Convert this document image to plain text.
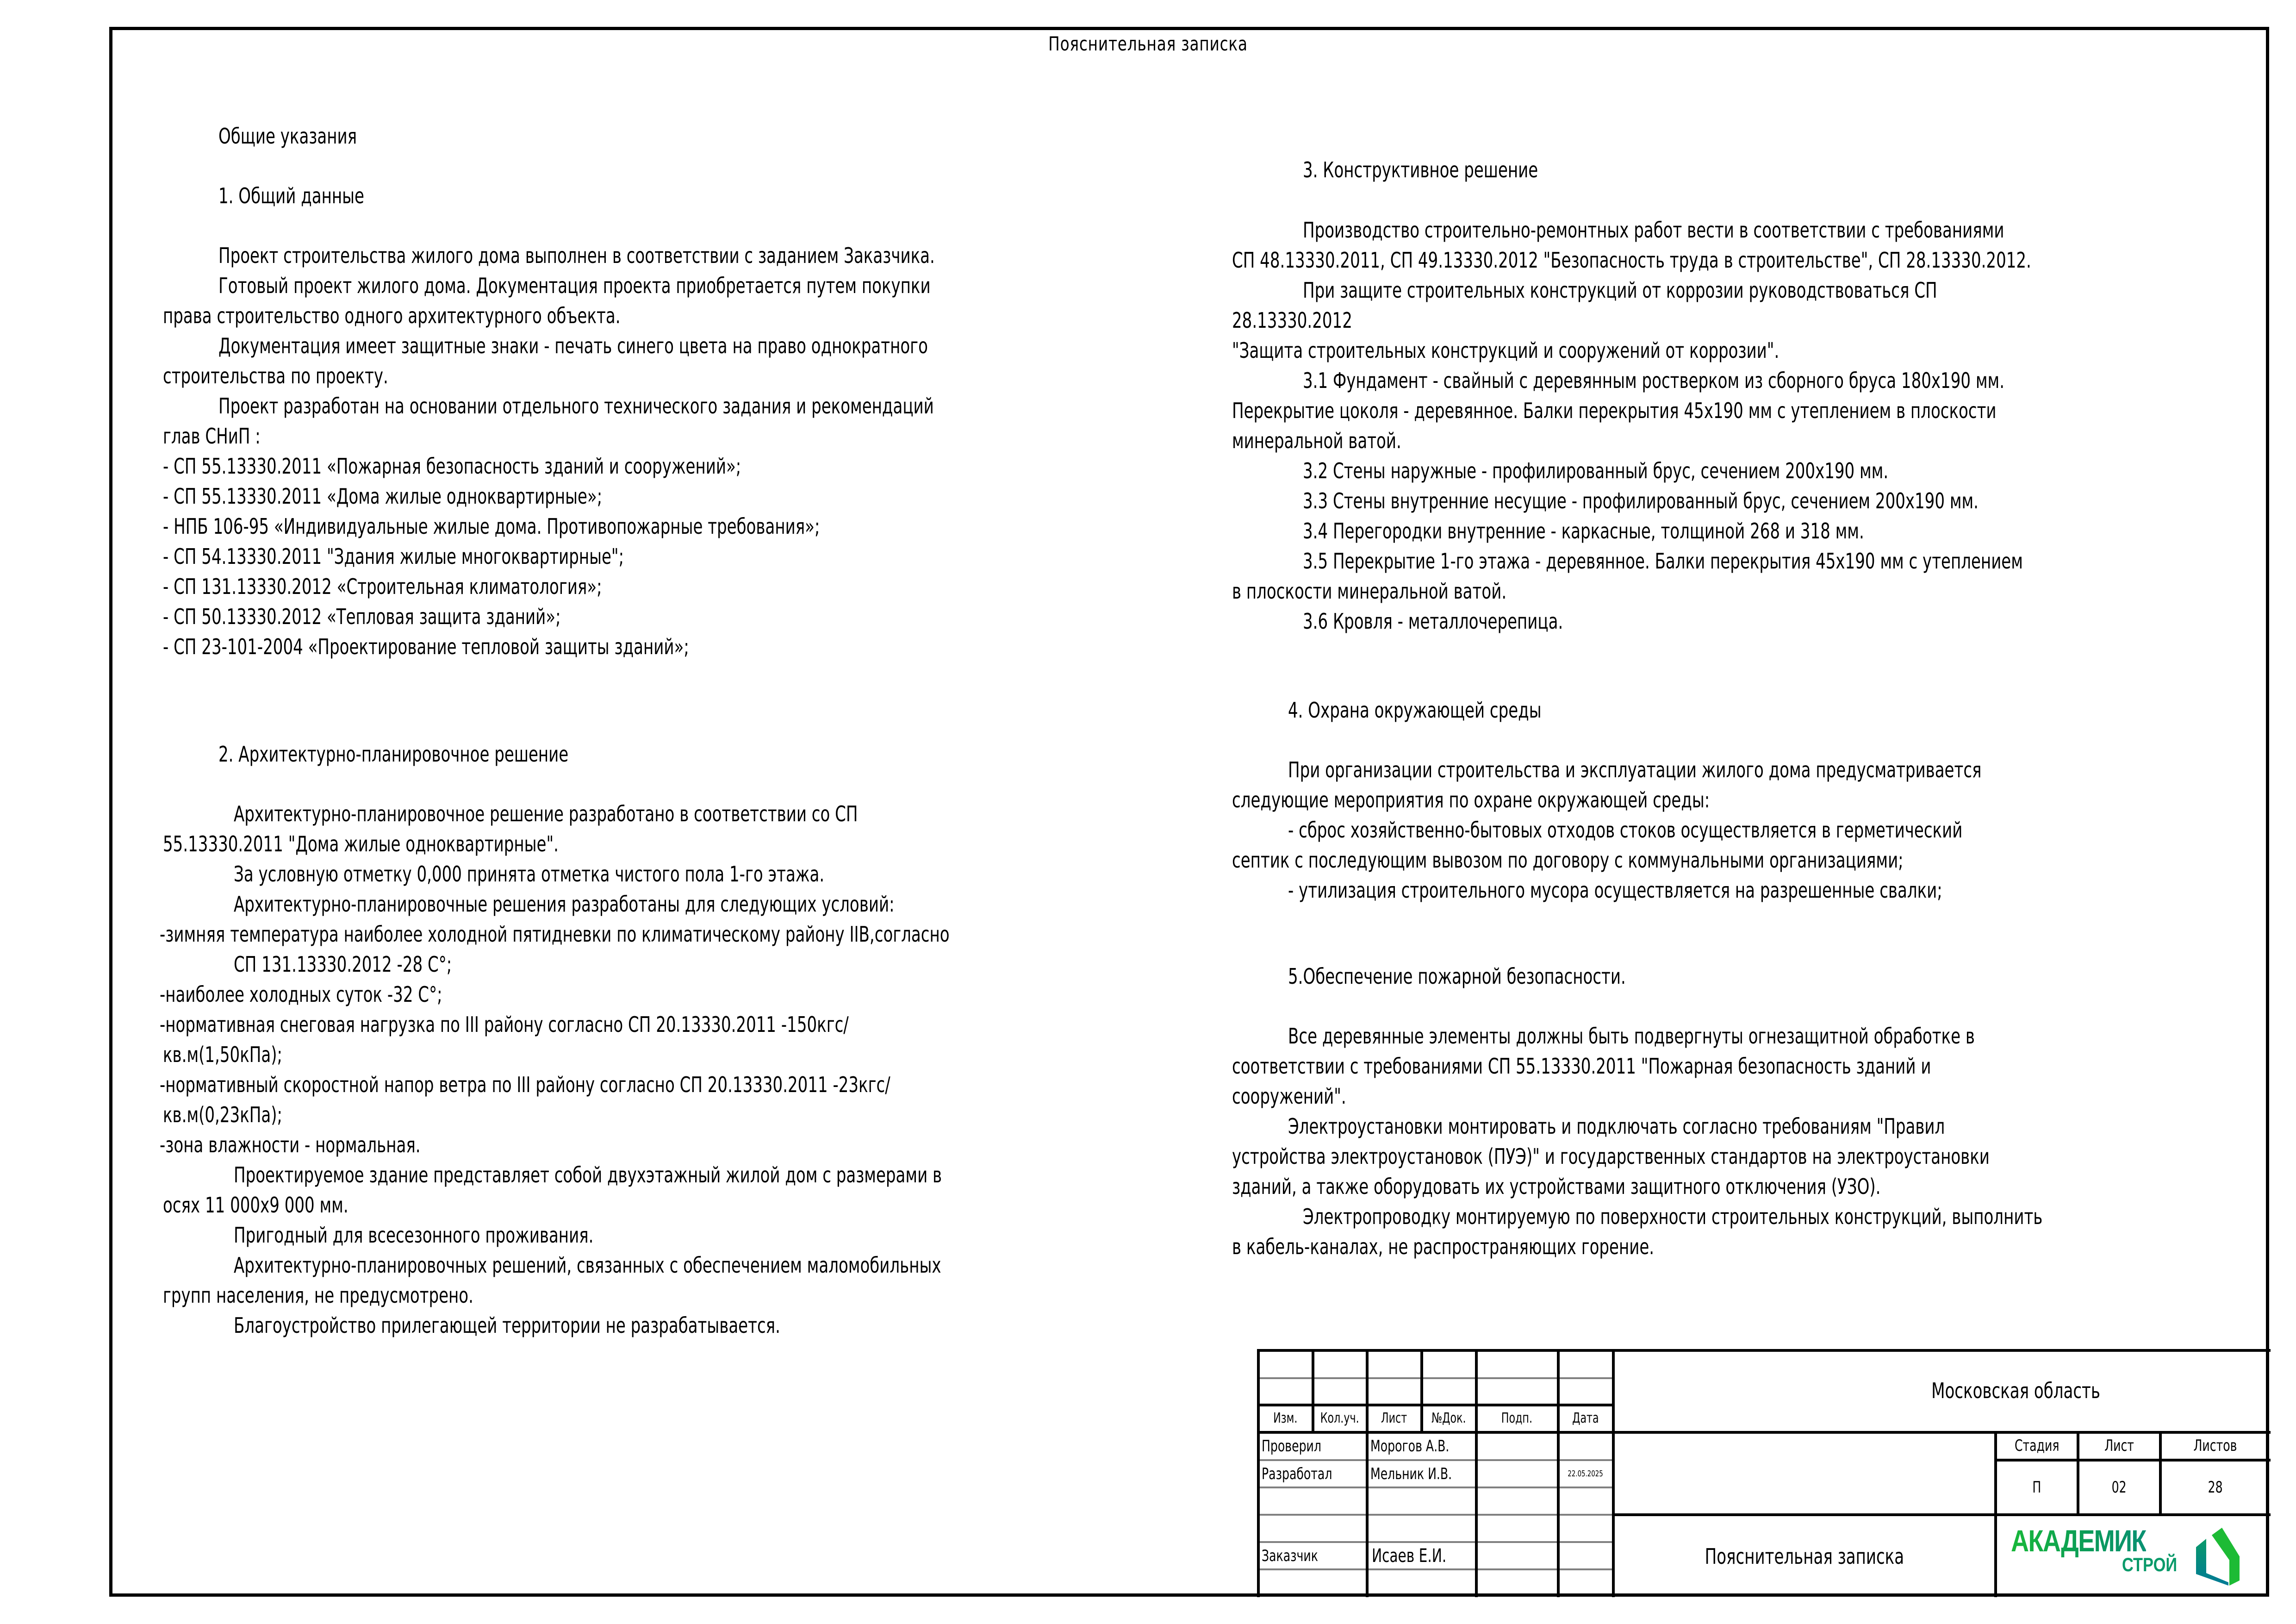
Пояснительная записка
Общие указания
1. Общий данные
Проект строительства жилого дома выполнен в соответствии с заданием Заказчика.
Готовый проект жилого дома. Документация проекта приобретается путем покупки
права строительство одного архитектурного объекта.
Документация имеет защитные знаки - печать синего цвета на право однократного
строительства по проекту.
Проект разработан на основании отдельного технического задания и рекомендаций
глав СНиП :
- СП 55.13330.2011 «Пожарная безопасность зданий и сооружений»;
- СП 55.13330.2011 «Дома жилые одноквартирные»;
- НПБ 106-95 «Индивидуальные жилые дома. Противопожарные требования»;
- СП 54.13330.2011 "Здания жилые многоквартирные";
- СП 131.13330.2012 «Строительная климатология»;
- СП 50.13330.2012 «Тепловая защита зданий»;
- СП 23-101-2004 «Проектирование тепловой защиты зданий»;
2. Архитектурно-планировочное решение
Архитектурно-планировочное решение разработано в соответствии со СП
55.13330.2011 "Дома жилые одноквартирные".
За условную отметку 0,000 принята отметка чистого пола 1-го этажа.
Архитектурно-планировочные решения разработаны для следующих условий:
-зимняя температура наиболее холодной пятидневки по климатическому району IIВ,согласно
СП 131.13330.2012 -28 С°;
-наиболее холодных суток -32 С°;
-нормативная снеговая нагрузка по III району согласно СП 20.13330.2011 -150кгс/
кв.м(1,50кПа);
-нормативный скоростной напор ветра по III району согласно СП 20.13330.2011 -23кгс/
кв.м(0,23кПа);
-зона влажности - нормальная.
Проектируемое здание представляет собой двухэтажный жилой дом с размерами в
осях 11 000х9 000 мм.
Пригодный для всесезонного проживания.
Архитектурно-планировочных решений, связанных с обеспечением маломобильных
групп населения, не предусмотрено.
Благоустройство прилегающей территории не разрабатывается.
3. Конструктивное решение
Производство строительно-ремонтных работ вести в соответствии с требованиями
СП 48.13330.2011, СП 49.13330.2012 "Безопасность труда в строительстве", СП 28.13330.2012.
При защите строительных конструкций от коррозии руководствоваться СП
28.13330.2012
"Защита строительных конструкций и сооружений от коррозии".
3.1 Фундамент - свайный с деревянным ростверком из сборного бруса 180х190 мм.
Перекрытие цоколя - деревянное. Балки перекрытия 45х190 мм с утеплением в плоскости
минеральной ватой.
3.2 Стены наружные - профилированный брус, сечением 200х190 мм.
3.3 Стены внутренние несущие - профилированный брус, сечением 200х190 мм.
3.4 Перегородки внутренние - каркасные, толщиной 268 и 318 мм.
3.5 Перекрытие 1-го этажа - деревянное. Балки перекрытия 45х190 мм с утеплением
в плоскости минеральной ватой.
3.6 Кровля - металлочерепица.
4. Охрана окружающей среды
При организации строительства и эксплуатации жилого дома предусматривается
следующие мероприятия по охране окружающей среды:
- сброс хозяйственно-бытовых отходов стоков осуществляется в герметический
септик с последующим вывозом по договору с коммунальными организациями;
- утилизация строительного мусора осуществляется на разрешенные свалки;
5.Обеспечение пожарной безопасности.
Все деревянные элементы должны быть подвергнуты огнезащитной обработке в
соответствии с требованиями СП 55.13330.2011 "Пожарная безопасность зданий и
сооружений".
Электроустановки монтировать и подключать согласно требованиям "Правил
устройства электроустановок (ПУЭ)" и государственных стандартов на электроустановки
зданий, а также оборудовать их устройствами защитного отключения (УЗО).
Электропроводку монтируемую по поверхности строительных конструкций, выполнить
в кабель-каналах, не распространяющих горение.
Изм. Кол.уч. Лист №Док.	Подп.	Дата
Проверил	Морогов А.В.
Разработал Мельник И.В.	22.05.2025
Заказчик	Исаев Е.И.
Московская область
Стадия	Лист	Листов
П	02	28
Пояснительная записка	АКАДЕМИК
СТРОЙ
